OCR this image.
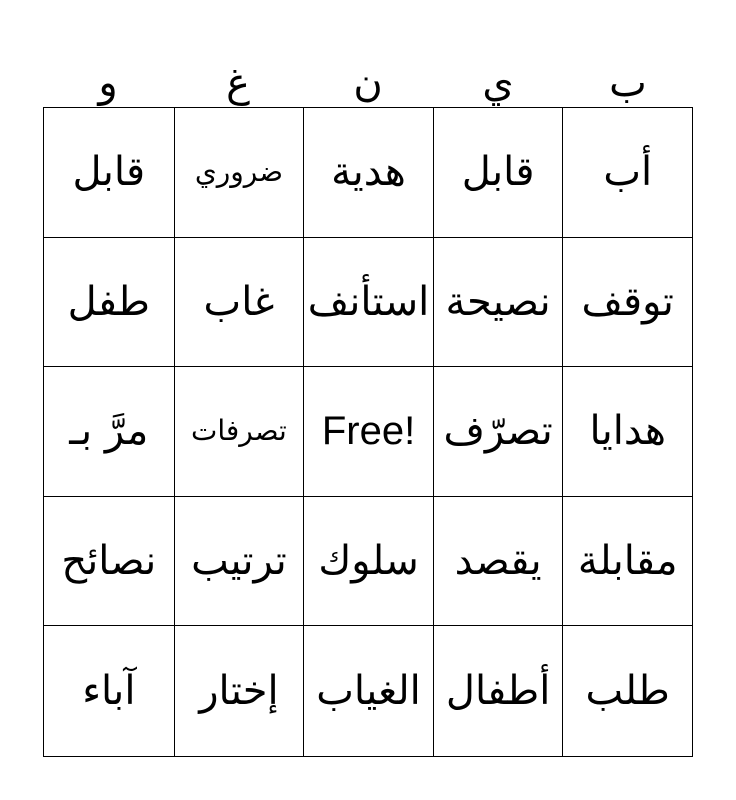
ب
ي
ن
غ
و
أب
قابل
هدية
ضروري
قابل
توقف
نصيحة
استأنف
غاب
طفل
هدايا
تصرّف
Free!
تصرفات
مرَّ بـ
مقابلة
يقصد
سلوك
ترتيب
نصائح
طلب
أطفال
الغياب
إختار
آباء
